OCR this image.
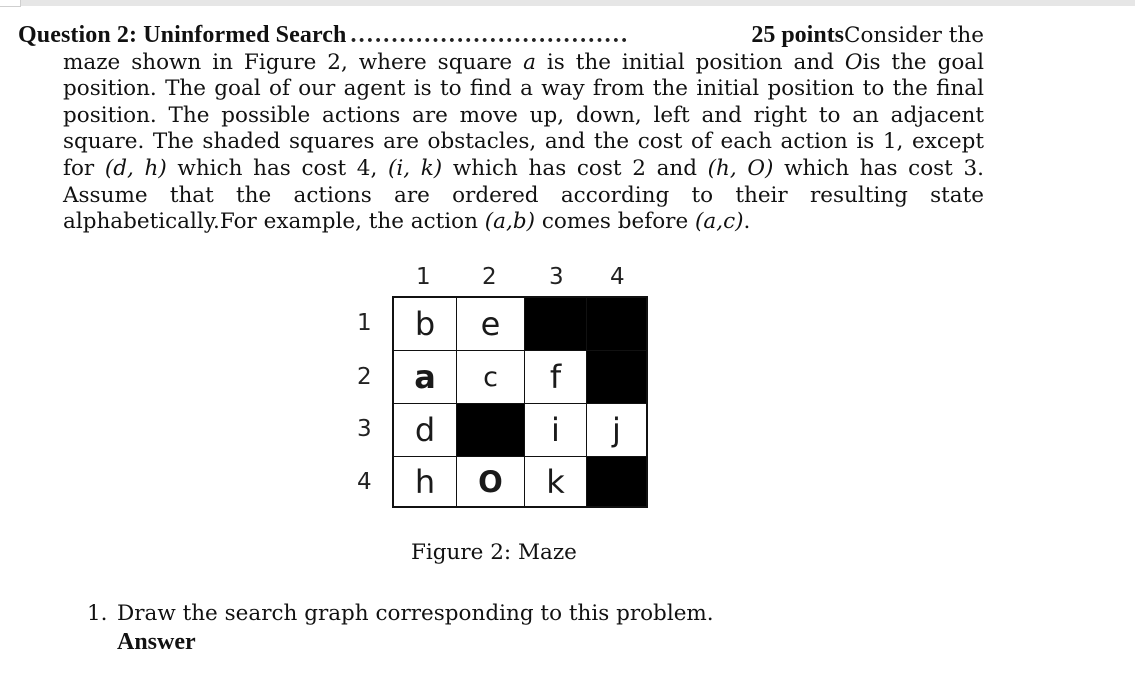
Question 2: Uninformed Search ..................................	25 points Consider the
maze shown in Figure 2, where square a is the initial position and Ois the goal position. The goal of our agent is to find a way from the initial position to the final position. The possible actions are move up, down, left and right to an adjacent square. The shaded squares are obstacles, and the cost of each action is 1, except for (d, h) which has cost 4, (i, k) which has cost 2 and (h, O) which has cost 3. Assume that the actions are ordered according to their resulting state alphabetically.For example, the action (a,b) comes before (a,c).
1 2 3 4
1
2
3
4
b e
a c f
d	i j
h O k
Figure 2: Maze
1. Draw the search graph corresponding to this problem.
Answer
